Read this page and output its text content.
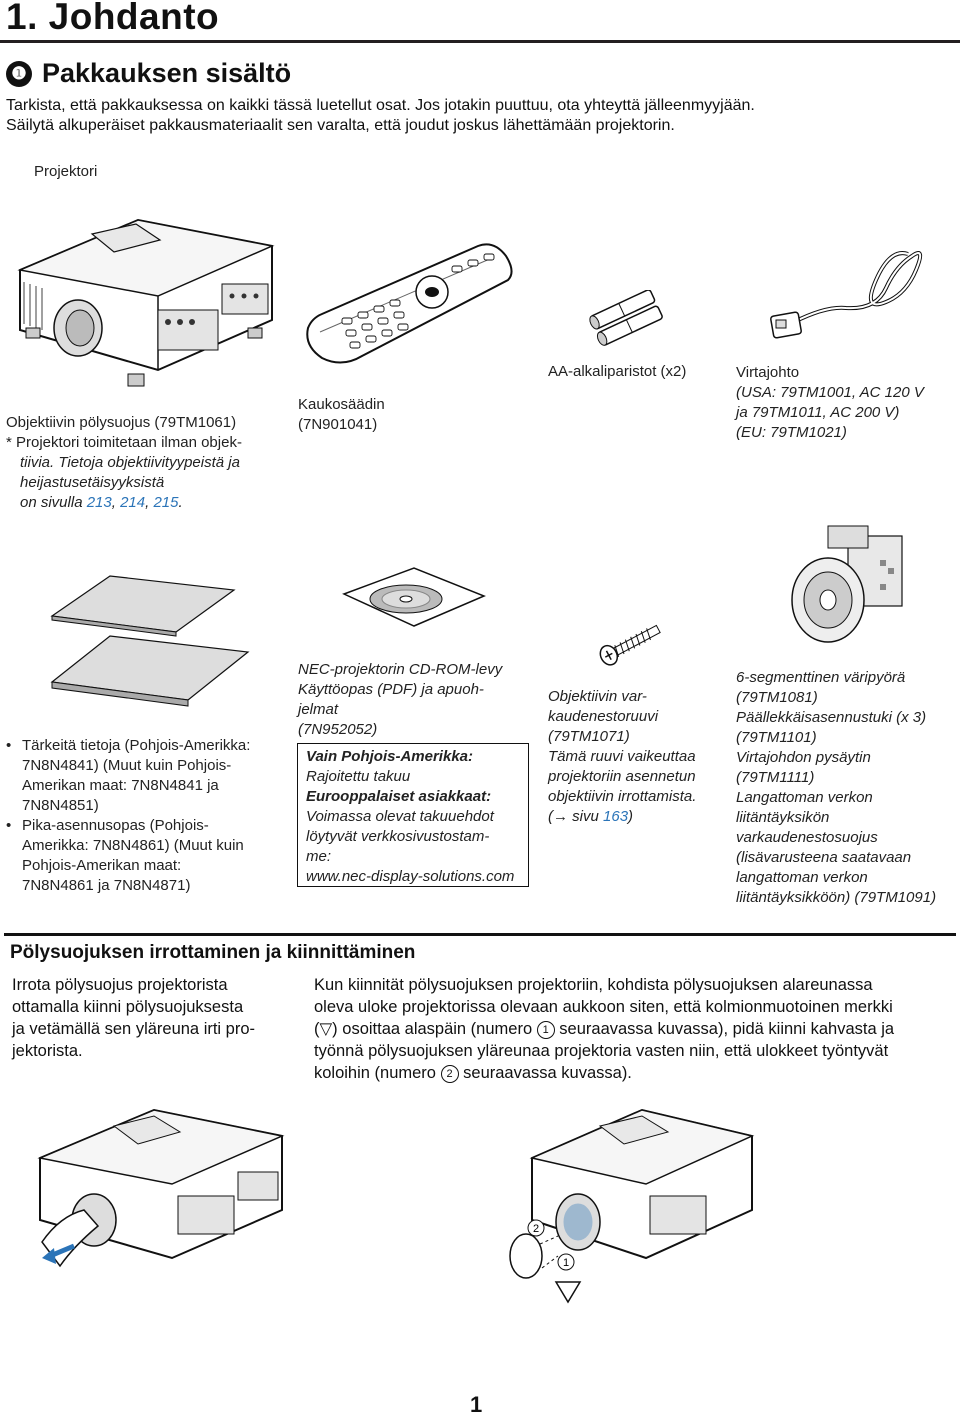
1. Johdanto
❶ Pakkauksen sisältö
Tarkista, että pakkauksessa on kaikki tässä luetellut osat. Jos jotakin puuttuu, ota yhteyttä jälleenmyyjään.
Säilytä alkuperäiset pakkausmateriaalit sen varalta, että joudut joskus lähettämään projektorin.
Projektori
Objektiivin pölysuojus (79TM1061)
* Projektori toimitetaan ilman objek-
tiivia. Tietoja objektiivityypeistä ja
heijastusetäisyyksistä
on sivulla 213, 214, 215.
Kaukosäädin
(7N901041)
AA-alkaliparistot (x2)	Virtajohto
(USA: 79TM1001, AC 120 V
ja 79TM1011, AC 200 V)
(EU: 79TM1021)
• Tärkeitä tietoja (Pohjois-Amerikka:
7N8N4841) (Muut kuin Pohjois-
Amerikan maat: 7N8N4841 ja
7N8N4851)
• Pika-asennusopas (Pohjois-
Amerikka: 7N8N4861) (Muut kuin
Pohjois-Amerikan maat:
7N8N4861 ja 7N8N4871)
NEC-projektorin CD-ROM-levy
Käyttöopas (PDF) ja apuoh-
jelmat
(7N952052)
Vain Pohjois-Amerikka:
Rajoitettu takuu
Eurooppalaiset asiakkaat:
Voimassa olevat takuuehdot
löytyvät verkkosivustostam-
me:
www.nec-display-solutions.com
Objektiivin var-
kaudenestoruuvi
(79TM1071)
Tämä ruuvi vaikeuttaa
projektoriin asennetun
objektiivin irrottamista.
(→ sivu 163)
6-segmenttinen väripyörä
(79TM1081)
Päällekkäisasennustuki (x 3)
(79TM1101)
Virtajohdon pysäytin
(79TM1111)
Langattoman verkon
liitäntäyksikön
varkaudenestosuojus
(lisävarusteena saatavaan
langattoman verkon
liitäntäyksikköön) (79TM1091)
Pölysuojuksen irrottaminen ja kiinnittäminen
Irrota pölysuojus projektorista
ottamalla kiinni pölysuojuksesta
ja vetämällä sen yläreuna irti pro-
jektorista.
Kun kiinnität pölysuojuksen projektoriin, kohdista pölysuojuksen alareunassa
oleva uloke projektorissa olevaan aukkoon siten, että kolmionmuotoinen merkki
(▽) osoittaa alaspäin (numero 1 seuraavassa kuvassa), pidä kiinni kahvasta ja
työnnä pölysuojuksen yläreunaa projektoria vasten niin, että ulokkeet työntyvät
koloihin (numero 2 seuraavassa kuvassa).
2
1
1
